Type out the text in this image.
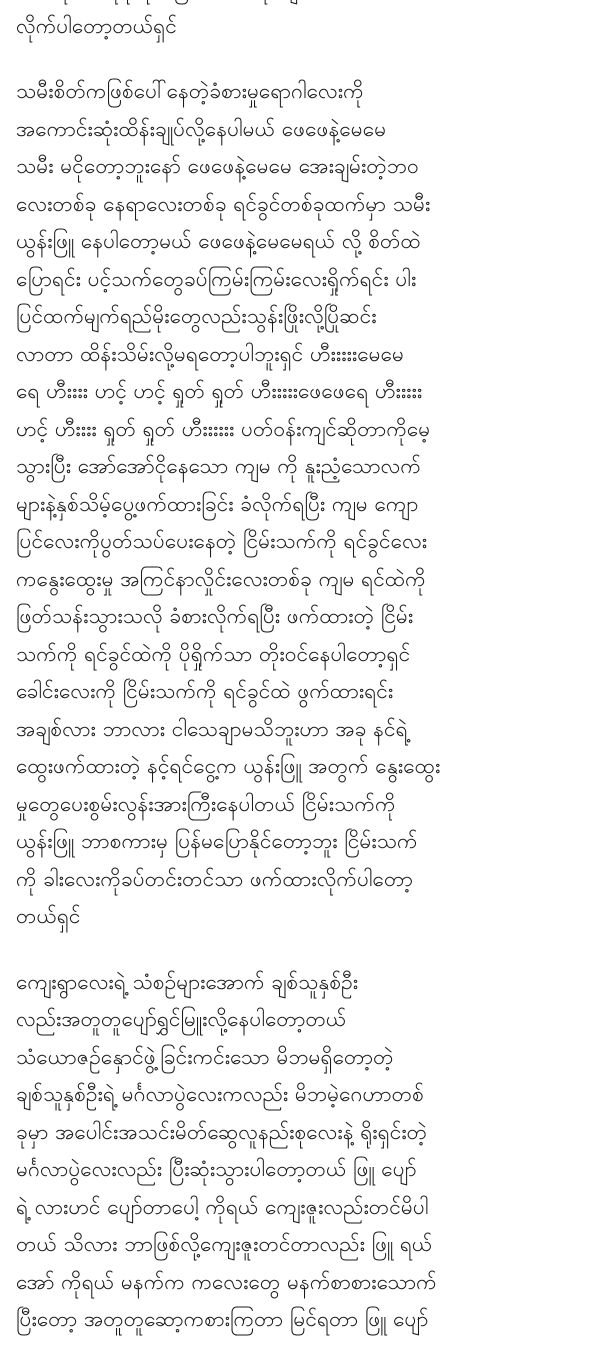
လိုက်ပါတော့တယ်ရှင်
သမီးစိတ်ကဖြစ်ပေါ်နေတဲ့ခံစားမှုရောဂါလေးကို
အကောင်းဆုံးထိန်းချုပ်လို့နေပါမယ် ဖေဖေနဲ့မေမေ
သမီး မငိုတော့ဘူးနော် ဖေဖေနဲ့မေမေ အေးချမ်းတဲ့ဘဝ
လေးတစ်ခု နေရာလေးတစ်ခု ရင်ခွင်တစ်ခုထက်မှာ သမီး
ယွန်းဖြူ နေပါတော့မယ် ဖေဖေနဲ့မေမေရယ် လို့ စိတ်ထဲ
ပြောရင်း ပင့်သက်တွေခပ်ကြမ်းကြမ်းလေးရှိုက်ရင်း ပါး
ပြင်ထက်မျက်ရည်မိုးတွေလည်းသွန်းဖြိုးလို့ပြိုဆင်း
လာတာ ထိန်းသိမ်းလို့မရတော့ပါဘူးရှင် ဟီးးးးးမေမေ
ရေ ဟီးးးး ဟင့် ဟင့် ရှုတ် ရှုတ် ဟီးးးးးဖေဖေရေ ဟီးးးးး
ဟင့် ဟီးးးး ရှုတ် ရှုတ် ဟီးးးးးး ပတ်ဝန်းကျင်ဆိုတာကိုမေ့
သွားပြီး အော်အော်ငိုနေသော ကျမ ကို နူးညံ့သောလက်
များနဲ့နှစ်သိမ့်ပွေ့ဖက်ထားခြင်း ခံလိုက်ရပြီး ကျမ ကျော
ပြင်လေးကိုပွတ်သပ်ပေးနေတဲ့ ငြိမ်းသက်ကို ရင်ခွင်လေး
ကနွေးထွေးမှု အကြင်နာလှိုင်းလေးတစ်ခု ကျမ ရင်ထဲကို
ဖြတ်သန်းသွားသလို ခံစားလိုက်ရပြီး ဖက်ထားတဲ့ ငြိမ်း
သက်ကို ရင်ခွင်ထဲကို ပိုရှိုက်သာ တိုးဝင်နေပါတော့ရှင်
ခေါင်းလေးကို ငြိမ်းသက်ကို ရင်ခွင်ထဲ ဖွက်ထားရင်း
အချစ်လား ဘာလား ငါသေချာမသိဘူးဟာ အခု နင်ရဲ့
ထွေးဖက်ထားတဲ့ နင့်ရင်ငွေ့က ယွန်းဖြူ အတွက် နွေးထွေး
မှုတွေပေးစွမ်းလွန်းအားကြီးနေပါတယ် ငြိမ်းသက်ကို
ယွန်းဖြူ ဘာစကားမှ ပြန်မပြောနိုင်တော့ဘူး ငြိမ်းသက်
ကို ခါးလေးကိုခပ်တင်းတင်သာ ဖက်ထားလိုက်ပါတော့
တယ်ရှင်
ကျေးရွာလေးရဲ့ သံစဉ်များအောက် ချစ်သူနှစ်ဦး
လည်းအတူတူပျော်ရွှင်မြူးလို့နေပါတော့တယ်
သံယောဇဉ်နှောင်ဖွဲ့ခြင်းကင်းသော မိဘမရှိတော့တဲ့
ချစ်သူနှစ်ဦးရဲ့ မင်္ဂလာပွဲလေးကလည်း မိဘမဲ့ဂေဟာတစ်
ခုမှာ အပေါင်းအသင်းမိတ်ဆွေလူနည်းစုလေးနဲ့ ရိုးရှင်းတဲ့
မင်္ဂလာပွဲလေးလည်း ပြီးဆုံးသွားပါတော့တယ် ဖြူ ပျော်
ရဲ့ လားဟင် ပျော်တာပေါ့ ကိုရယ် ကျေးဇူးလည်းတင်မိပါ
တယ် သိလား ဘာဖြစ်လို့ကျေးဇူးတင်တာလည်း ဖြူ ရယ်
အော် ကိုရယ် မနက်က ကလေးတွေ မနက်စာစားသောက်
ပြီးတော့ အတူတူဆော့ကစားကြတာ မြင်ရတာ ဖြူ ပျော်
